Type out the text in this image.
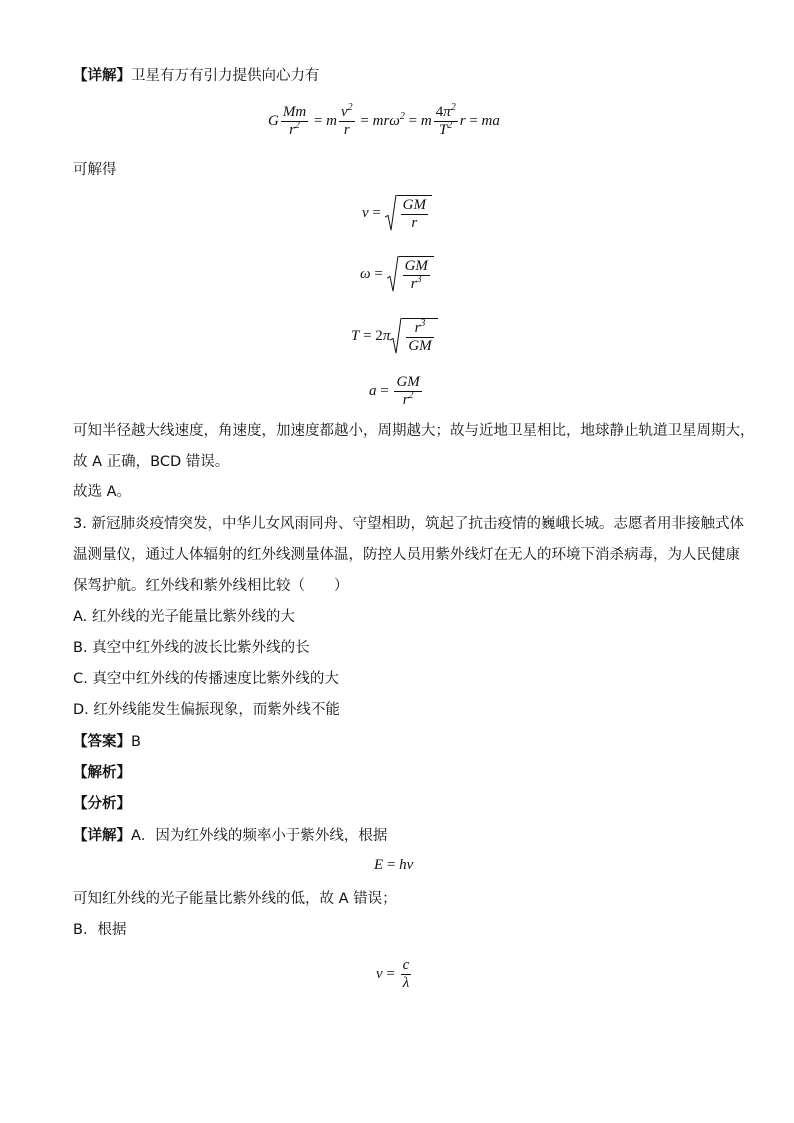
【详解】卫星有万有引力提供向心力有
G $\frac{Mm}{r^2} = m \frac{v^2}{r} = mr\omega^2 = m \frac{4\pi^2}{T^2}$ r = ma
可解得
$v = \frac{GM}{r}$
$\omega = \frac{GM}{r^3}$
$T = 2\pi \frac{r^3}{GM}$
$a = \frac{GM}{r^2}$
可知半径越大线速度，角速度，加速度都越小，周期越大；故与近地卫星相比，地球静止轨道卫星周期大，
故 A 正确，BCD 错误。
故选 A。
3. 新冠肺炎疫情突发，中华儿女风雨同舟、守望相助，筑起了抗击疫情的巍峨长城。志愿者用非接触式体
温测量仪，通过人体辐射的红外线测量体温，防控人员用紫外线灯在无人的环境下消杀病毒，为人民健康
保驾护航。红外线和紫外线相比较（　　）
A. 红外线的光子能量比紫外线的大
B. 真空中红外线的波长比紫外线的长
C. 真空中红外线的传播速度比紫外线的大
D. 红外线能发生偏振现象，而紫外线不能
【答案】B
【解析】
【分析】
【详解】A．因为红外线的频率小于紫外线，根据
E = hν
可知红外线的光子能量比紫外线的低，故 A 错误；
B．根据
$\nu = \frac{c}{\lambda}$
